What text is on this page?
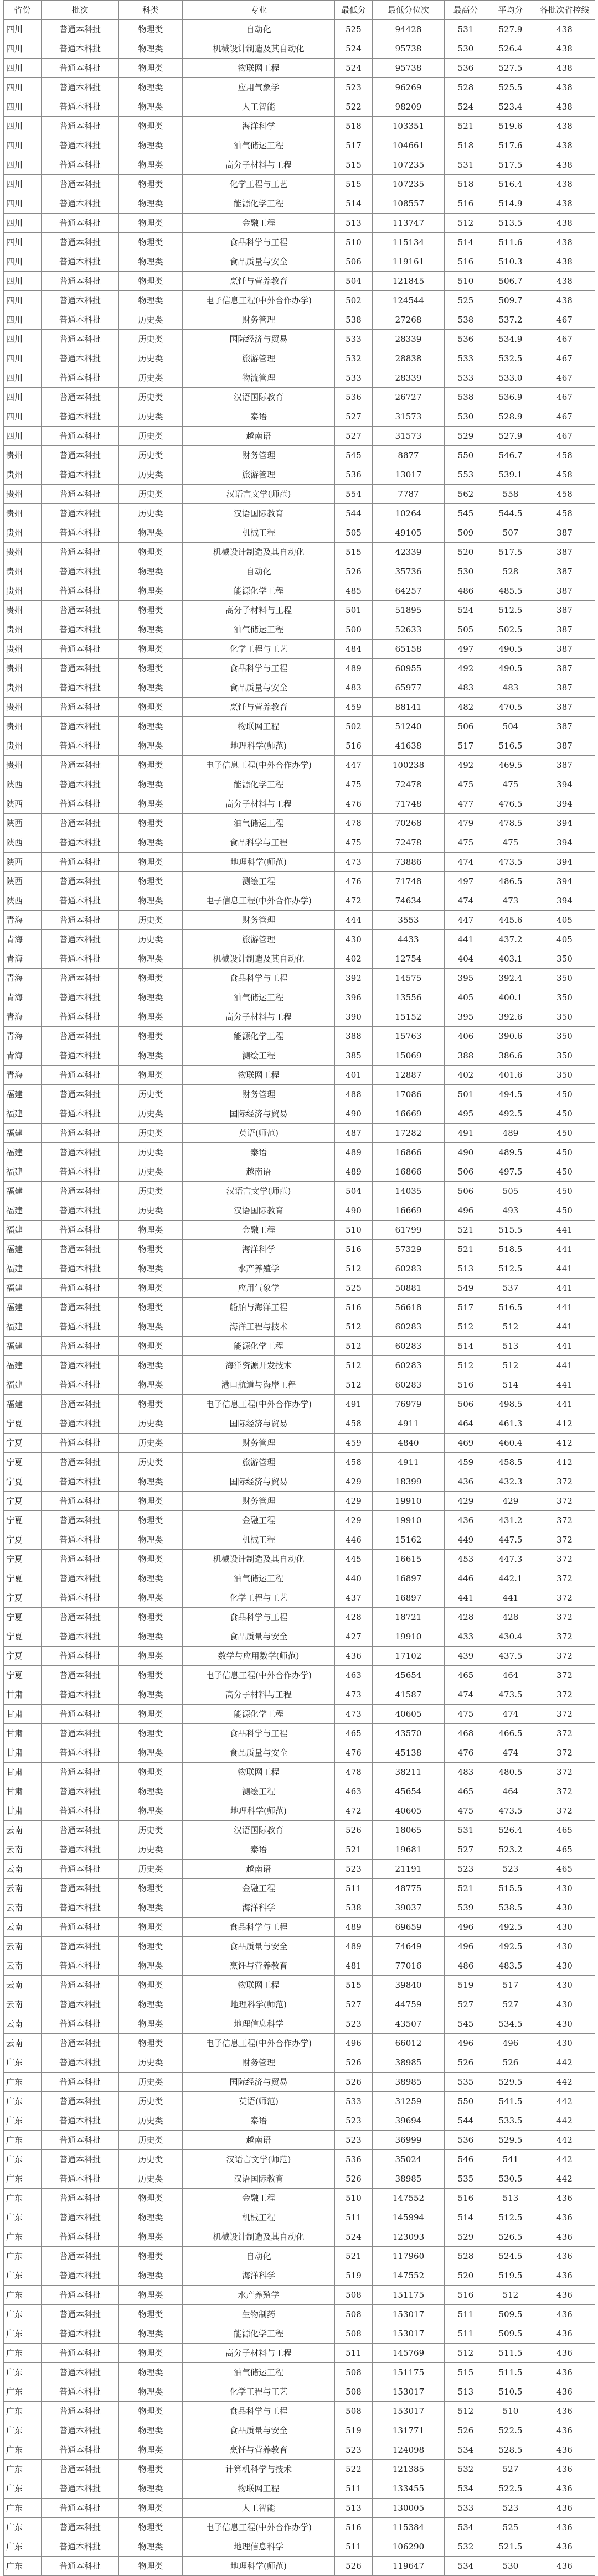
省份	批次	科类	专业	最低分	最低分位次	最高分	平均分	各批次省控线
四川	普通本科批	物理类	自动化	525	94428	531	527.9	438
四川	普通本科批	物理类	机械设计制造及其自动化	524	95738	530	526.4	438
四川	普通本科批	物理类	物联网工程	524	95738	536	527.5	438
四川	普通本科批	物理类	应用气象学	523	96269	528	525.5	438
四川	普通本科批	物理类	人工智能	522	98209	524	523.4	438
四川	普通本科批	物理类	海洋科学	518	103351	521	519.6	438
四川	普通本科批	物理类	油气储运工程	517	104661	518	517.6	438
四川	普通本科批	物理类	高分子材料与工程	515	107235	531	517.5	438
四川	普通本科批	物理类	化学工程与工艺	515	107235	518	516.4	438
四川	普通本科批	物理类	能源化学工程	514	108557	516	514.9	438
四川	普通本科批	物理类	金融工程	513	113747	512	513.5	438
四川	普通本科批	物理类	食品科学与工程	510	115134	514	511.6	438
四川	普通本科批	物理类	食品质量与安全	506	119161	516	510.3	438
四川	普通本科批	物理类	烹饪与营养教育	504	121845	510	506.7	438
四川	普通本科批	物理类	电子信息工程(中外合作办学)	502	124544	525	509.7	438
四川	普通本科批	历史类	财务管理	538	27268	538	537.2	467
四川	普通本科批	历史类	国际经济与贸易	533	28339	536	534.9	467
四川	普通本科批	历史类	旅游管理	532	28838	533	532.5	467
四川	普通本科批	历史类	物流管理	533	28339	533	533.0	467
四川	普通本科批	历史类	汉语国际教育	536	26727	538	536.9	467
四川	普通本科批	历史类	泰语	527	31573	530	528.9	467
四川	普通本科批	历史类	越南语	527	31573	529	527.9	467
贵州	普通本科批	历史类	财务管理	545	8877	550	546.7	458
贵州	普通本科批	历史类	旅游管理	536	13017	553	539.1	458
贵州	普通本科批	历史类	汉语言文学(师范)	554	7787	562	558	458
贵州	普通本科批	历史类	汉语国际教育	544	10264	545	544.5	458
贵州	普通本科批	物理类	机械工程	505	49105	509	507	387
贵州	普通本科批	物理类	机械设计制造及其自动化	515	42339	520	517.5	387
贵州	普通本科批	物理类	自动化	526	35736	530	528	387
贵州	普通本科批	物理类	能源化学工程	485	64257	486	485.5	387
贵州	普通本科批	物理类	高分子材料与工程	501	51895	524	512.5	387
贵州	普通本科批	物理类	油气储运工程	500	52633	505	502.5	387
贵州	普通本科批	物理类	化学工程与工艺	484	65158	497	490.5	387
贵州	普通本科批	物理类	食品科学与工程	489	60955	492	490.5	387
贵州	普通本科批	物理类	食品质量与安全	483	65977	483	483	387
贵州	普通本科批	物理类	烹饪与营养教育	459	88141	482	470.5	387
贵州	普通本科批	物理类	物联网工程	502	51240	506	504	387
贵州	普通本科批	物理类	地理科学(师范)	516	41638	517	516.5	387
贵州	普通本科批	物理类	电子信息工程(中外合作办学)	447	100238	492	469.5	387
陕西	普通本科批	物理类	能源化学工程	475	72478	475	475	394
陕西	普通本科批	物理类	高分子材料与工程	476	71748	477	476.5	394
陕西	普通本科批	物理类	油气储运工程	478	70268	479	478.5	394
陕西	普通本科批	物理类	食品科学与工程	475	72478	475	475	394
陕西	普通本科批	物理类	地理科学(师范)	473	73886	474	473.5	394
陕西	普通本科批	物理类	测绘工程	476	71748	497	486.5	394
陕西	普通本科批	物理类	电子信息工程(中外合作办学)	472	74634	474	473	394
青海	普通本科批	历史类	财务管理	444	3553	447	445.6	405
青海	普通本科批	历史类	旅游管理	430	4433	441	437.2	405
青海	普通本科批	物理类	机械设计制造及其自动化	402	12754	404	403.1	350
青海	普通本科批	物理类	食品科学与工程	392	14575	395	392.4	350
青海	普通本科批	物理类	油气储运工程	396	13556	405	400.1	350
青海	普通本科批	物理类	高分子材料与工程	390	15152	395	392.6	350
青海	普通本科批	物理类	能源化学工程	388	15763	406	390.6	350
青海	普通本科批	物理类	测绘工程	385	15069	388	386.6	350
青海	普通本科批	物理类	物联网工程	401	12887	402	401.6	350
福建	普通本科批	历史类	财务管理	488	17086	501	494.5	450
福建	普通本科批	历史类	国际经济与贸易	490	16669	495	492.5	450
福建	普通本科批	历史类	英语(师范)	487	17282	491	489	450
福建	普通本科批	历史类	泰语	489	16866	490	489.5	450
福建	普通本科批	历史类	越南语	489	16866	506	497.5	450
福建	普通本科批	历史类	汉语言文学(师范)	504	14035	506	505	450
福建	普通本科批	历史类	汉语国际教育	490	16669	496	493	450
福建	普通本科批	物理类	金融工程	510	61799	521	515.5	441
福建	普通本科批	物理类	海洋科学	516	57329	521	518.5	441
福建	普通本科批	物理类	水产养殖学	512	60283	513	512.5	441
福建	普通本科批	物理类	应用气象学	525	50881	549	537	441
福建	普通本科批	物理类	船舶与海洋工程	516	56618	517	516.5	441
福建	普通本科批	物理类	海洋工程与技术	512	60283	512	512	441
福建	普通本科批	物理类	能源化学工程	512	60283	514	513	441
福建	普通本科批	物理类	海洋资源开发技术	512	60283	512	512	441
福建	普通本科批	物理类	港口航道与海岸工程	512	60283	516	514	441
福建	普通本科批	物理类	电子信息工程(中外合作办学)	491	76979	506	498.5	441
宁夏	普通本科批	历史类	国际经济与贸易	458	4911	464	461.3	412
宁夏	普通本科批	历史类	财务管理	459	4840	469	460.4	412
宁夏	普通本科批	历史类	旅游管理	458	4911	459	458.5	412
宁夏	普通本科批	物理类	国际经济与贸易	429	18399	436	432.3	372
宁夏	普通本科批	物理类	财务管理	429	19910	429	429	372
宁夏	普通本科批	物理类	金融工程	429	19910	436	431.2	372
宁夏	普通本科批	物理类	机械工程	446	15162	449	447.5	372
宁夏	普通本科批	物理类	机械设计制造及其自动化	445	16615	453	447.3	372
宁夏	普通本科批	物理类	油气储运工程	440	16897	446	442.1	372
宁夏	普通本科批	物理类	化学工程与工艺	437	16897	441	441	372
宁夏	普通本科批	物理类	食品科学与工程	428	18721	428	428	372
宁夏	普通本科批	物理类	食品质量与安全	427	19910	433	430.4	372
宁夏	普通本科批	物理类	数学与应用数学(师范)	436	17102	439	437.5	372
宁夏	普通本科批	物理类	电子信息工程(中外合作办学)	463	45654	465	464	372
甘肃	普通本科批	物理类	高分子材料与工程	473	41587	474	473.5	372
甘肃	普通本科批	物理类	能源化学工程	473	40605	475	474	372
甘肃	普通本科批	物理类	食品科学与工程	465	43570	468	466.5	372
甘肃	普通本科批	物理类	食品质量与安全	476	45138	476	474	372
甘肃	普通本科批	物理类	物联网工程	478	38211	483	480.5	372
甘肃	普通本科批	物理类	测绘工程	463	45654	465	464	372
甘肃	普通本科批	物理类	地理科学(师范)	472	40605	475	473.5	372
云南	普通本科批	历史类	汉语国际教育	526	18065	531	526.4	465
云南	普通本科批	历史类	泰语	521	19681	527	523.2	465
云南	普通本科批	历史类	越南语	523	21191	523	523	465
云南	普通本科批	物理类	金融工程	511	48775	521	515.5	430
云南	普通本科批	物理类	海洋科学	538	39037	539	538.5	430
云南	普通本科批	物理类	食品科学与工程	489	69659	496	492.5	430
云南	普通本科批	物理类	食品质量与安全	489	74649	496	492.5	430
云南	普通本科批	物理类	烹饪与营养教育	481	77016	486	483.5	430
云南	普通本科批	物理类	物联网工程	515	39840	519	517	430
云南	普通本科批	物理类	地理科学(师范)	527	44759	527	527	430
云南	普通本科批	物理类	地理信息科学	523	43507	545	534.5	430
云南	普通本科批	物理类	电子信息工程(中外合作办学)	496	66012	496	496	430
广东	普通本科批	历史类	财务管理	526	38985	526	526	442
广东	普通本科批	历史类	国际经济与贸易	526	38985	535	529.5	442
广东	普通本科批	历史类	英语(师范)	533	31259	550	541.5	442
广东	普通本科批	历史类	泰语	523	39694	544	533.5	442
广东	普通本科批	历史类	越南语	523	36999	536	529.5	442
广东	普通本科批	历史类	汉语言文学(师范)	536	35024	546	541	442
广东	普通本科批	历史类	汉语国际教育	526	38985	535	530.5	442
广东	普通本科批	物理类	金融工程	510	147552	516	513	436
广东	普通本科批	物理类	机械工程	511	145994	514	512.5	436
广东	普通本科批	物理类	机械设计制造及其自动化	524	123093	529	526.5	436
广东	普通本科批	物理类	自动化	521	117960	528	524.5	436
广东	普通本科批	物理类	海洋科学	519	147552	520	519.5	436
广东	普通本科批	物理类	水产养殖学	508	151175	516	512	436
广东	普通本科批	物理类	生物制药	508	153017	511	509.5	436
广东	普通本科批	物理类	能源化学工程	508	153017	511	509.5	436
广东	普通本科批	物理类	高分子材料与工程	511	145769	512	511.5	436
广东	普通本科批	物理类	油气储运工程	508	151175	515	511.5	436
广东	普通本科批	物理类	化学工程与工艺	508	153017	513	510.5	436
广东	普通本科批	物理类	食品科学与工程	508	153017	512	510	436
广东	普通本科批	物理类	食品质量与安全	519	131771	526	522.5	436
广东	普通本科批	物理类	烹饪与营养教育	523	124098	534	528.5	436
广东	普通本科批	物理类	计算机科学与技术	522	121385	532	527	436
广东	普通本科批	物理类	物联网工程	511	133455	534	522.5	436
广东	普通本科批	物理类	人工智能	513	130005	533	523	436
广东	普通本科批	物理类	电子信息工程(中外合作办学)	516	115384	534	525	436
广东	普通本科批	物理类	地理信息科学	511	106290	532	521.5	436
广东	普通本科批	物理类	地理科学(师范)	526	119647	534	530	436
